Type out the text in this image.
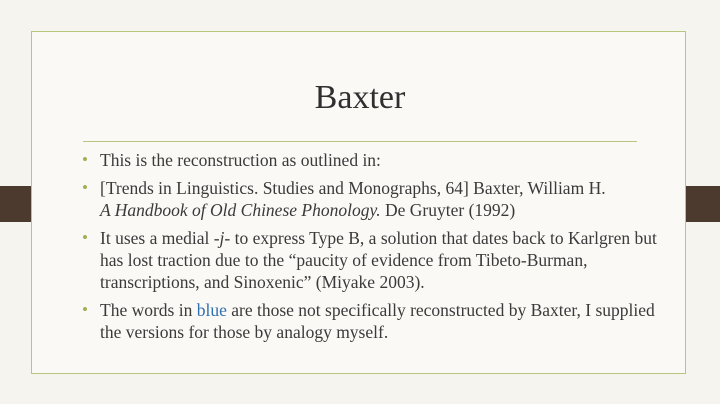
Baxter
• This is the reconstruction as outlined in:
• [Trends in Linguistics. Studies and Monographs, 64] Baxter, William H.
A Handbook of Old Chinese Phonology. De Gruyter (1992)
• It uses a medial -j- to express Type B, a solution that dates back to Karlgren but has lost traction due to the “paucity of evidence from Tibeto-Burman, transcriptions, and Sinoxenic” (Miyake 2003).
• The words in blue are those not specifically reconstructed by Baxter, I supplied the versions for those by analogy myself.
